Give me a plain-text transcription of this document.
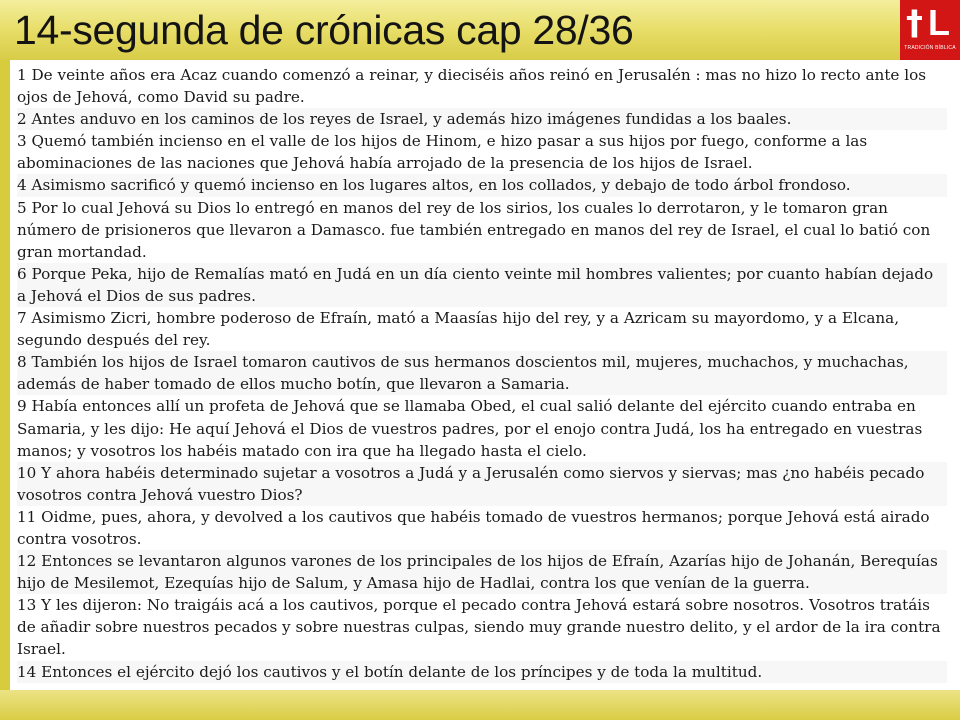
14-segunda de crónicas cap 28/36	† L
TRADICIÓN BÍBLICA

1 De veinte años era Acaz cuando comenzó a reinar, y dieciséis años reinó en Jerusalén : mas no hizo lo recto ante los ojos de Jehová, como David su padre.

2 Antes anduvo en los caminos de los reyes de Israel, y además hizo imágenes fundidas a los baales.

3 Quemó también incienso en el valle de los hijos de Hinom, e hizo pasar a sus hijos por fuego, conforme a las abominaciones de las naciones que Jehová había arrojado de la presencia de los hijos de Israel.

4 Asimismo sacrificó y quemó incienso en los lugares altos, en los collados, y debajo de todo árbol frondoso.

5 Por lo cual Jehová su Dios lo entregó en manos del rey de los sirios, los cuales lo derrotaron, y le tomaron gran número de prisioneros que llevaron a Damasco. fue también entregado en manos del rey de Israel, el cual lo batió con gran mortandad.

6 Porque Peka, hijo de Remalías mató en Judá en un día ciento veinte mil hombres valientes; por cuanto habían dejado a Jehová el Dios de sus padres.

7 Asimismo Zicri, hombre poderoso de Efraín, mató a Maasías hijo del rey, y a Azricam su mayordomo, y a Elcana, segundo después del rey.

8 También los hijos de Israel tomaron cautivos de sus hermanos doscientos mil, mujeres, muchachos, y muchachas, además de haber tomado de ellos mucho botín, que llevaron a Samaria.

9 Había entonces allí un profeta de Jehová que se llamaba Obed, el cual salió delante del ejército cuando entraba en Samaria, y les dijo: He aquí Jehová el Dios de vuestros padres, por el enojo contra Judá, los ha entregado en vuestras manos; y vosotros los habéis matado con ira que ha llegado hasta el cielo.

10 Y ahora habéis determinado sujetar a vosotros a Judá y a Jerusalén como siervos y siervas; mas ¿no habéis pecado vosotros contra Jehová vuestro Dios?

11 Oidme, pues, ahora, y devolved a los cautivos que habéis tomado de vuestros hermanos; porque Jehová está airado contra vosotros.

12 Entonces se levantaron algunos varones de los principales de los hijos de Efraín, Azarías hijo de Johanán, Berequías hijo de Mesilemot, Ezequías hijo de Salum, y Amasa hijo de Hadlai, contra los que venían de la guerra.

13 Y les dijeron: No traigáis acá a los cautivos, porque el pecado contra Jehová estará sobre nosotros. Vosotros tratáis de añadir sobre nuestros pecados y sobre nuestras culpas, siendo muy grande nuestro delito, y el ardor de la ira contra Israel.

14 Entonces el ejército dejó los cautivos y el botín delante de los príncipes y de toda la multitud.
